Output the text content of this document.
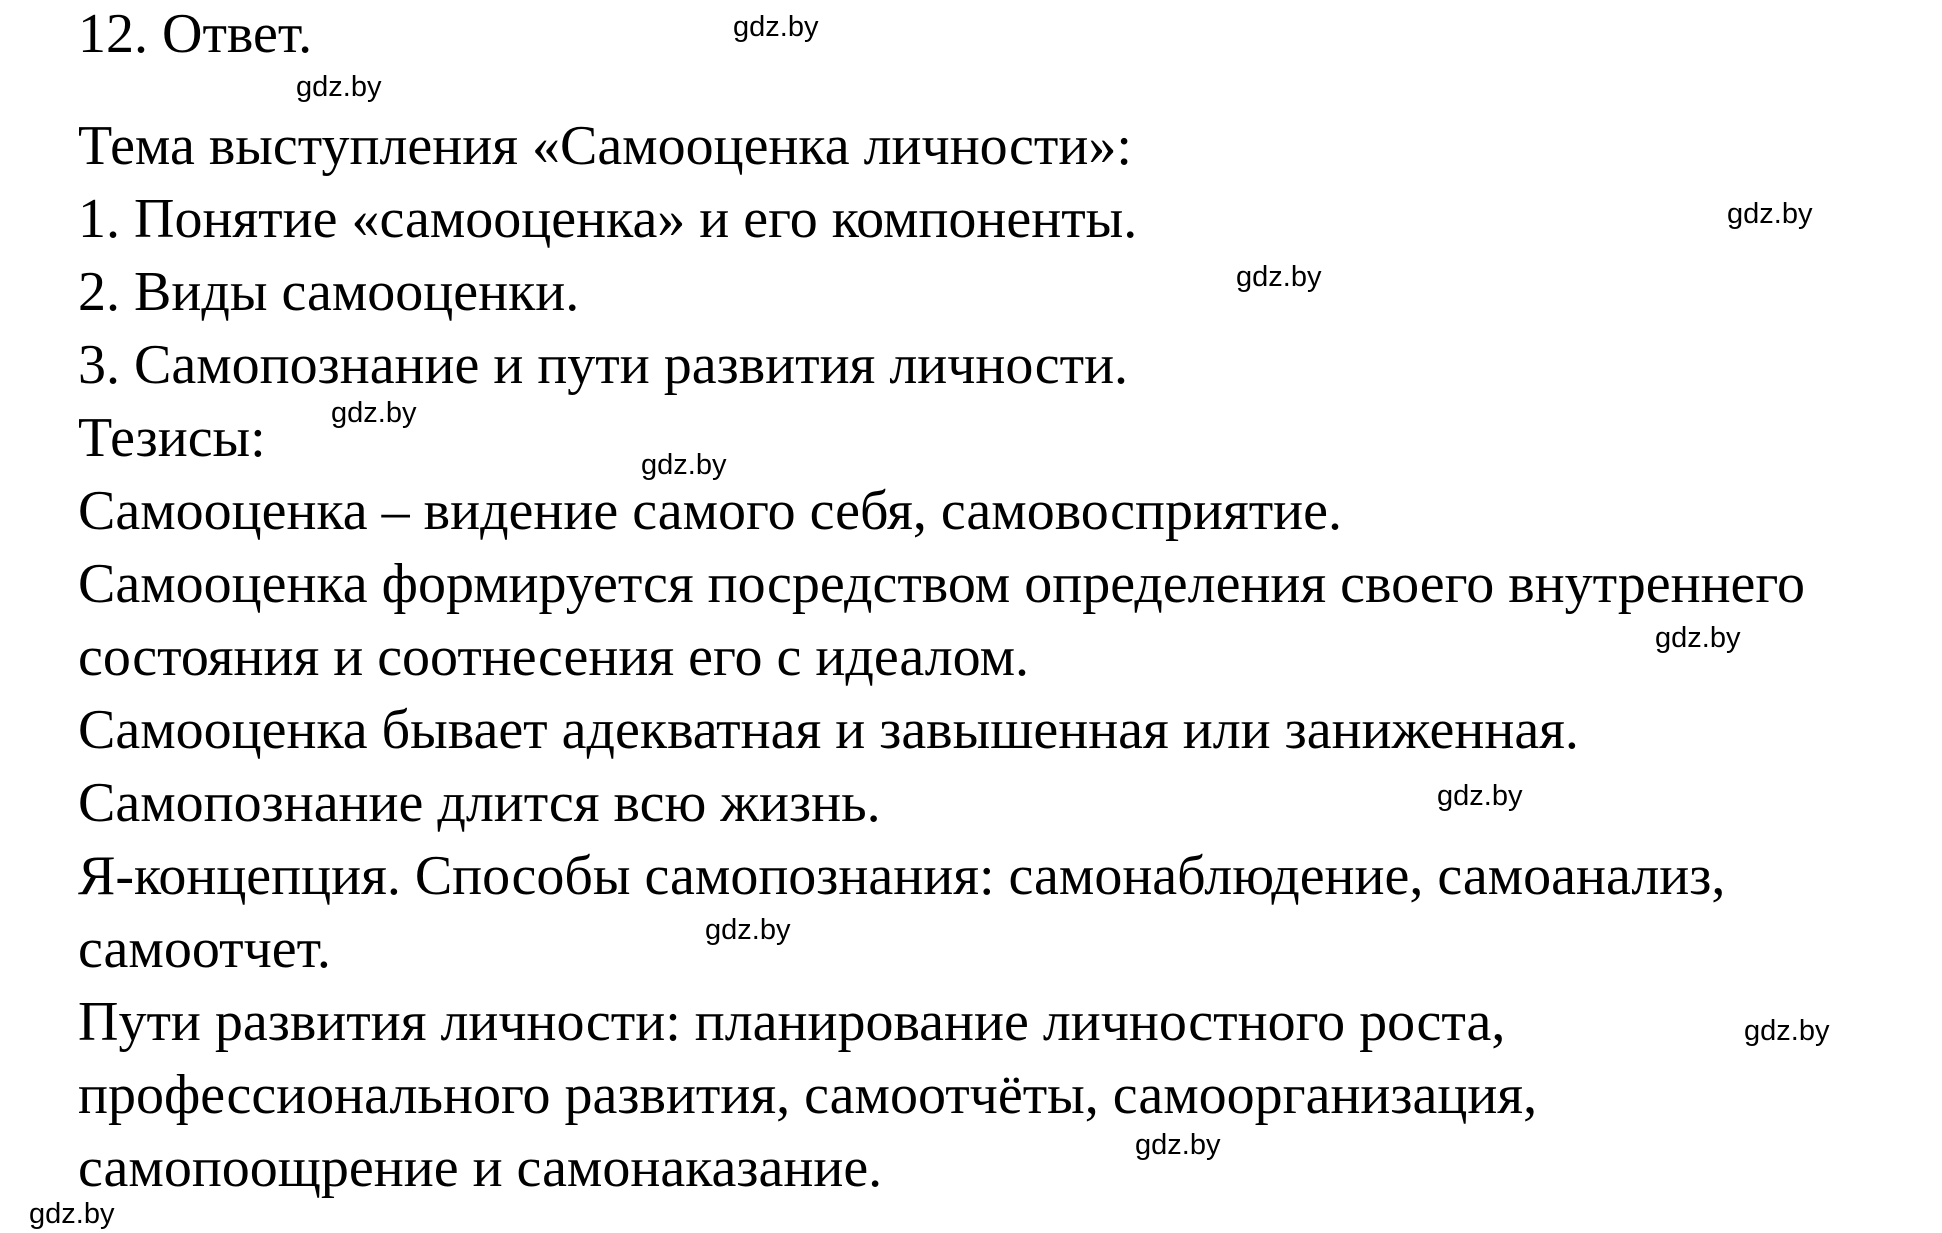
12. Ответ.
Тема выступления «Самооценка личности»:
1. Понятие «самооценка» и его компоненты.
2. Виды самооценки.
3. Самопознание и пути развития личности.
Тезисы:
Самооценка – видение самого себя, самовосприятие.
Самооценка формируется посредством определения своего внутреннего
состояния и соотнесения его с идеалом.
Самооценка бывает адекватная и завышенная или заниженная.
Самопознание длится всю жизнь.
Я-концепция. Способы самопознания: самонаблюдение, самоанализ,
самоотчет.
Пути развития личности: планирование личностного роста,
профессионального развития, самоотчёты, самоорганизация,
самопоощрение и самонаказание.
gdz.by
gdz.by
gdz.by
gdz.by
gdz.by
gdz.by
gdz.by
gdz.by
gdz.by
gdz.by
gdz.by
gdz.by
